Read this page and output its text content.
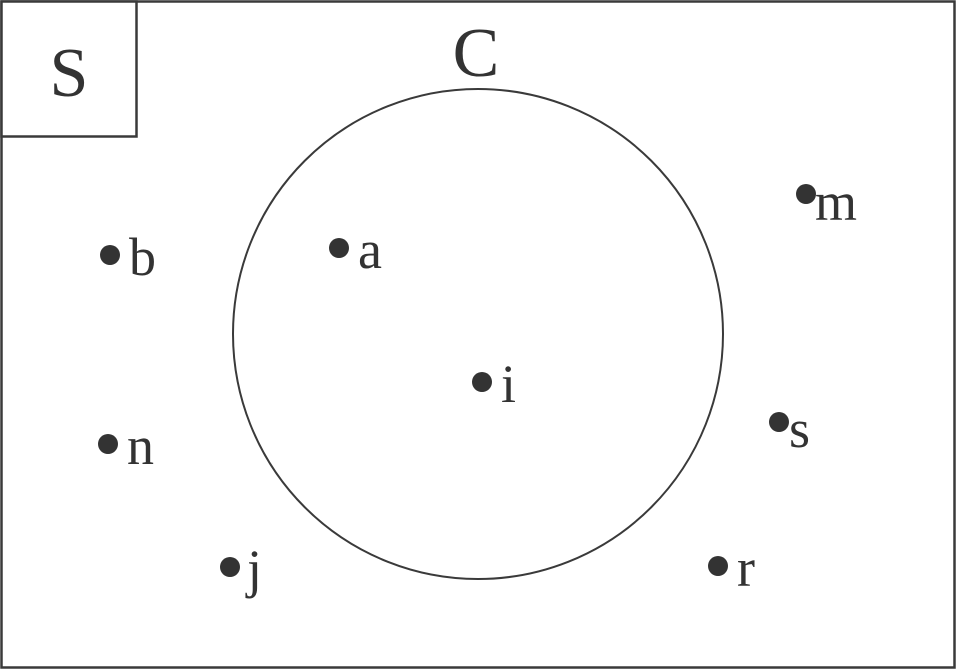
S	C
a
i
b
n
j
m
s
r
